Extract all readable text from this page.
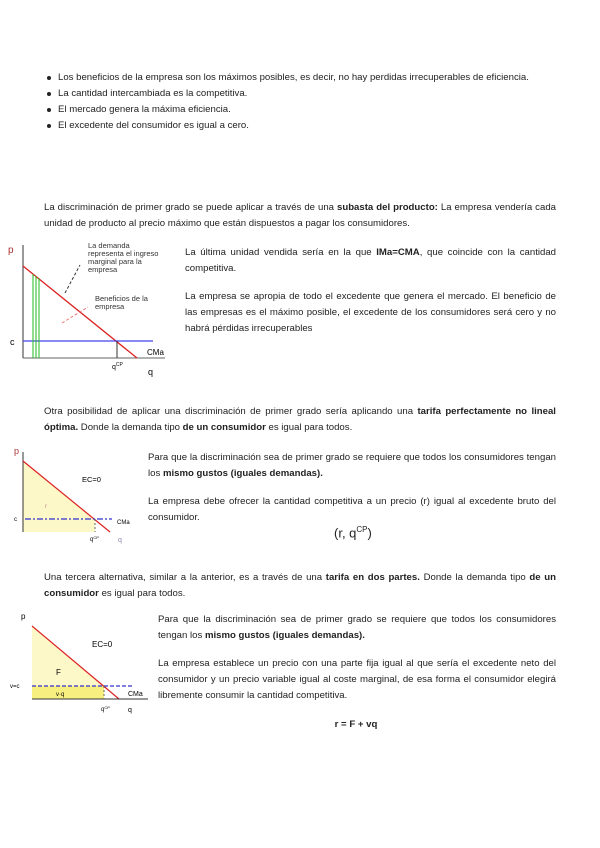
Los beneficios de la empresa son los máximos posibles, es decir, no hay perdidas irrecuperables de eficiencia.
La cantidad intercambiada es la competitiva.
El mercado genera la máxima eficiencia.
El excedente del consumidor es igual a cero.

La discriminación de primer grado se puede aplicar a través de una subasta del producto: La empresa vendería cada unidad de producto al precio máximo que están dispuestos a pagar los consumidores.

p
c
CMa
$q^{CP}$
q
La demanda representa el ingreso marginal para la empresa
Beneficios de la empresa

La última unidad vendida sería en la que IMa=CMA, que coincide con la cantidad competitiva.

La empresa se apropia de todo el excedente que genera el mercado. El beneficio de las empresas es el máximo posible, el excedente de los consumidores será cero y no habrá pérdidas irrecuperables

Otra posibilidad de aplicar una discriminación de primer grado sería aplicando una tarifa perfectamente no lineal óptima. Donde la demanda tipo de un consumidor es igual para todos.

p
c
EC=0
r
CMa
$q^{CP}$	q

Para que la discriminación sea de primer grado se requiere que todos los consumidores tengan los mismo gustos (iguales demandas).

La empresa debe ofrecer la cantidad competitiva a un precio (r) igual al excedente bruto del consumidor.

(r, $q^{CP}$)

Una tercera alternativa, similar a la anterior, es a través de una tarifa en dos partes. Donde la demanda tipo de un consumidor es igual para todos.

p
v=c
EC=0
F
v·q	CMa
$q^{CP}$	q

Para que la discriminación sea de primer grado se requiere que todos los consumidores tengan los mismo gustos (iguales demandas).

La empresa establece un precio con una parte fija igual al que sería el excedente neto del consumidor y un precio variable igual al coste marginal, de esa forma el consumidor elegirá libremente consumir la cantidad competitiva.

r = F + vq
